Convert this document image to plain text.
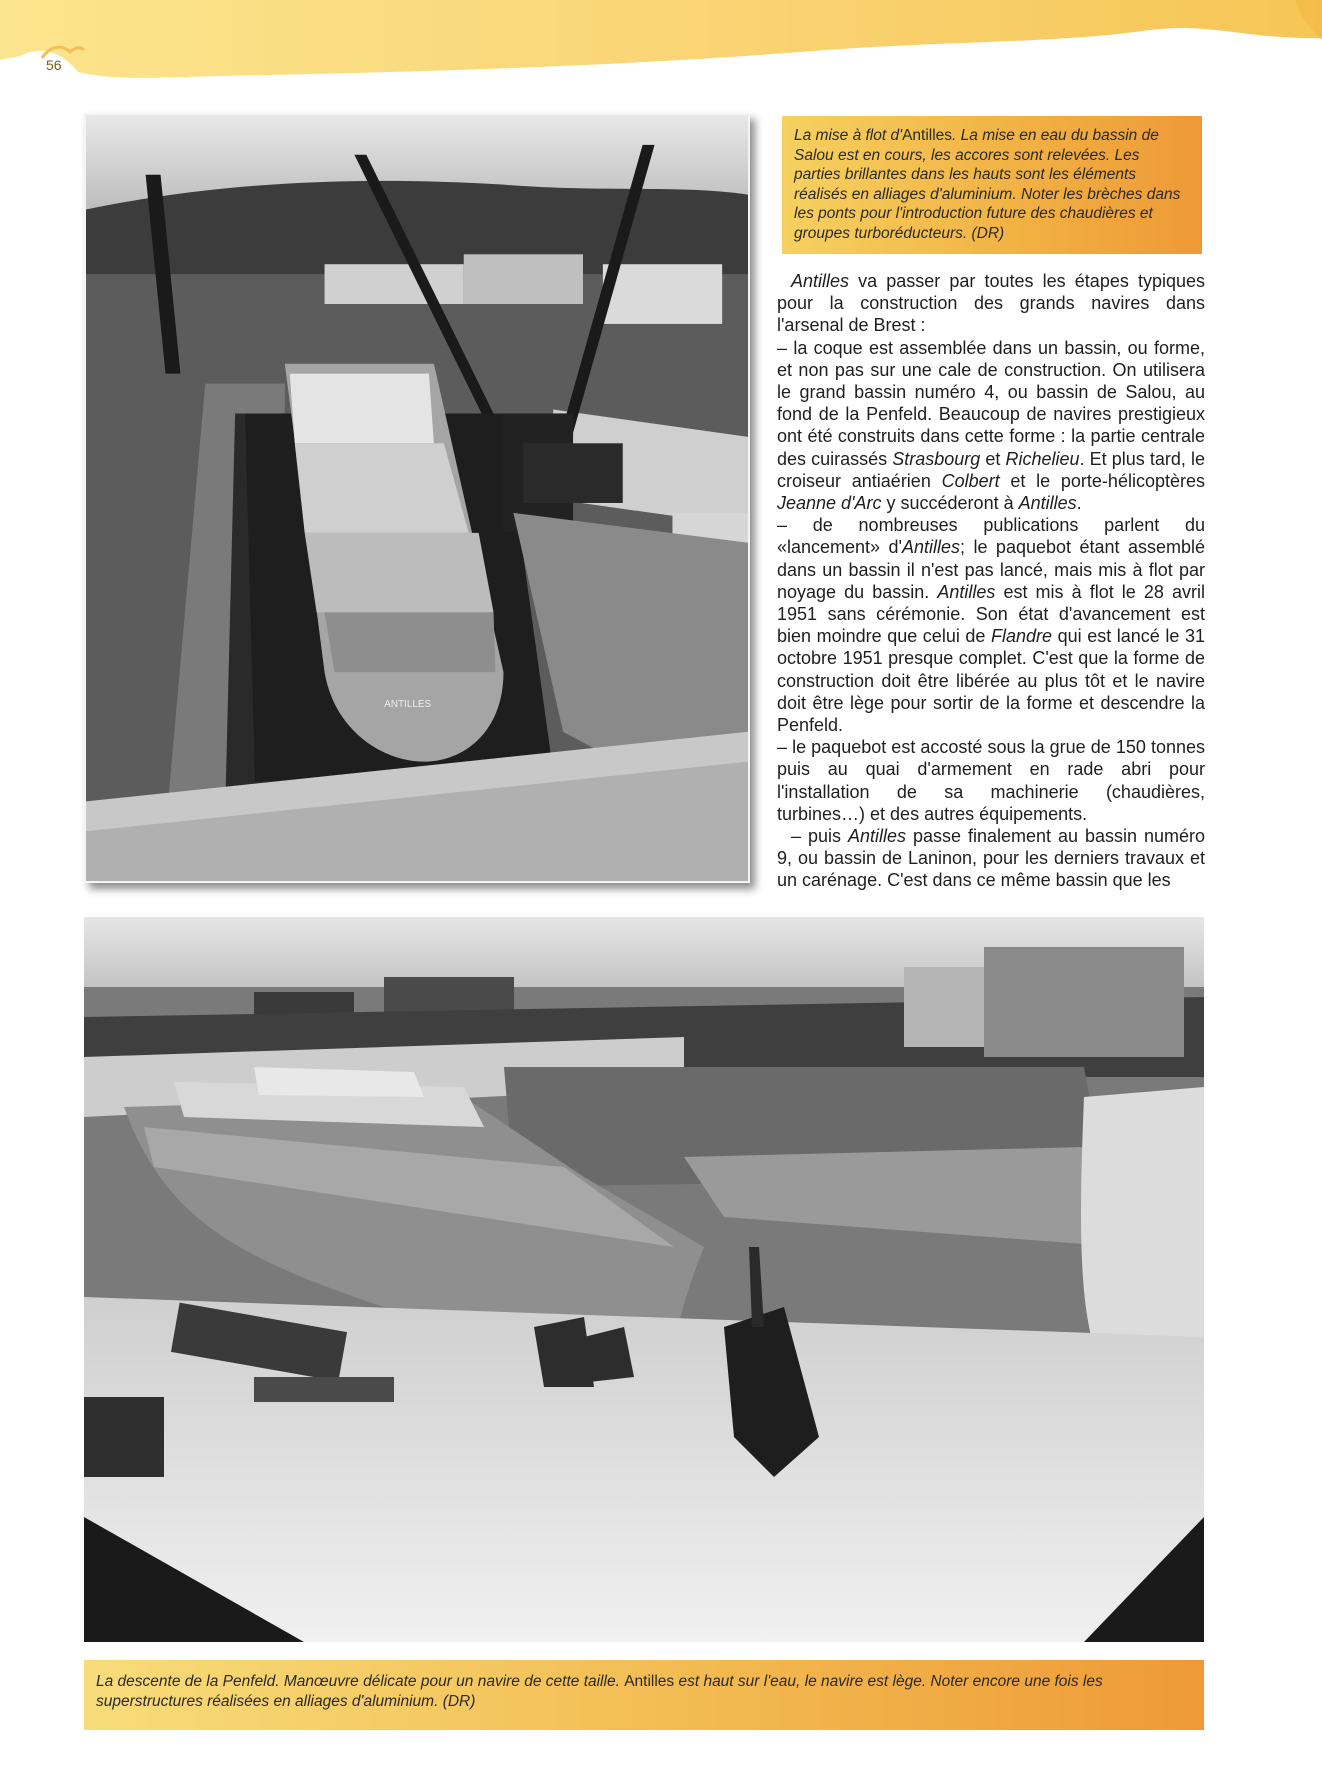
56
ANTILLES
La mise à flot d'Antilles. La mise en eau du bassin de Salou est en cours, les accores sont relevées. Les parties brillantes dans les hauts sont les éléments réalisés en alliages d'aluminium. Noter les brèches dans les ponts pour l'introduction future des chaudières et groupes turboréducteurs. (DR)

Antilles va passer par toutes les étapes typiques pour la construction des grands navires dans l'arsenal de Brest :

– la coque est assemblée dans un bassin, ou forme, et non pas sur une cale de construction. On utilisera le grand bassin numéro 4, ou bassin de Salou, au fond de la Penfeld. Beaucoup de navires prestigieux ont été construits dans cette forme : la partie centrale des cuirassés Strasbourg et Richelieu. Et plus tard, le croiseur antiaérien Colbert et le porte-hélicoptères Jeanne d'Arc y succéderont à Antilles.

– de nombreuses publications parlent du «lancement» d'Antilles; le paquebot étant assemblé dans un bassin il n'est pas lancé, mais mis à flot par noyage du bassin. Antilles est mis à flot le 28 avril 1951 sans cérémonie. Son état d'avancement est bien moindre que celui de Flandre qui est lancé le 31 octobre 1951 presque complet. C'est que la forme de construction doit être libérée au plus tôt et le navire doit être lège pour sortir de la forme et descendre la Penfeld.

– le paquebot est accosté sous la grue de 150 tonnes puis au quai d'armement en rade abri pour l'installation de sa machinerie (chaudières, turbines…) et des autres équipements.

– puis Antilles passe finalement au bassin numéro 9, ou bassin de Laninon, pour les derniers travaux et un carénage. C'est dans ce même bassin que les

La descente de la Penfeld. Manœuvre délicate pour un navire de cette taille. Antilles est haut sur l'eau, le navire est lège. Noter encore une fois les superstructures réalisées en alliages d'aluminium. (DR)
